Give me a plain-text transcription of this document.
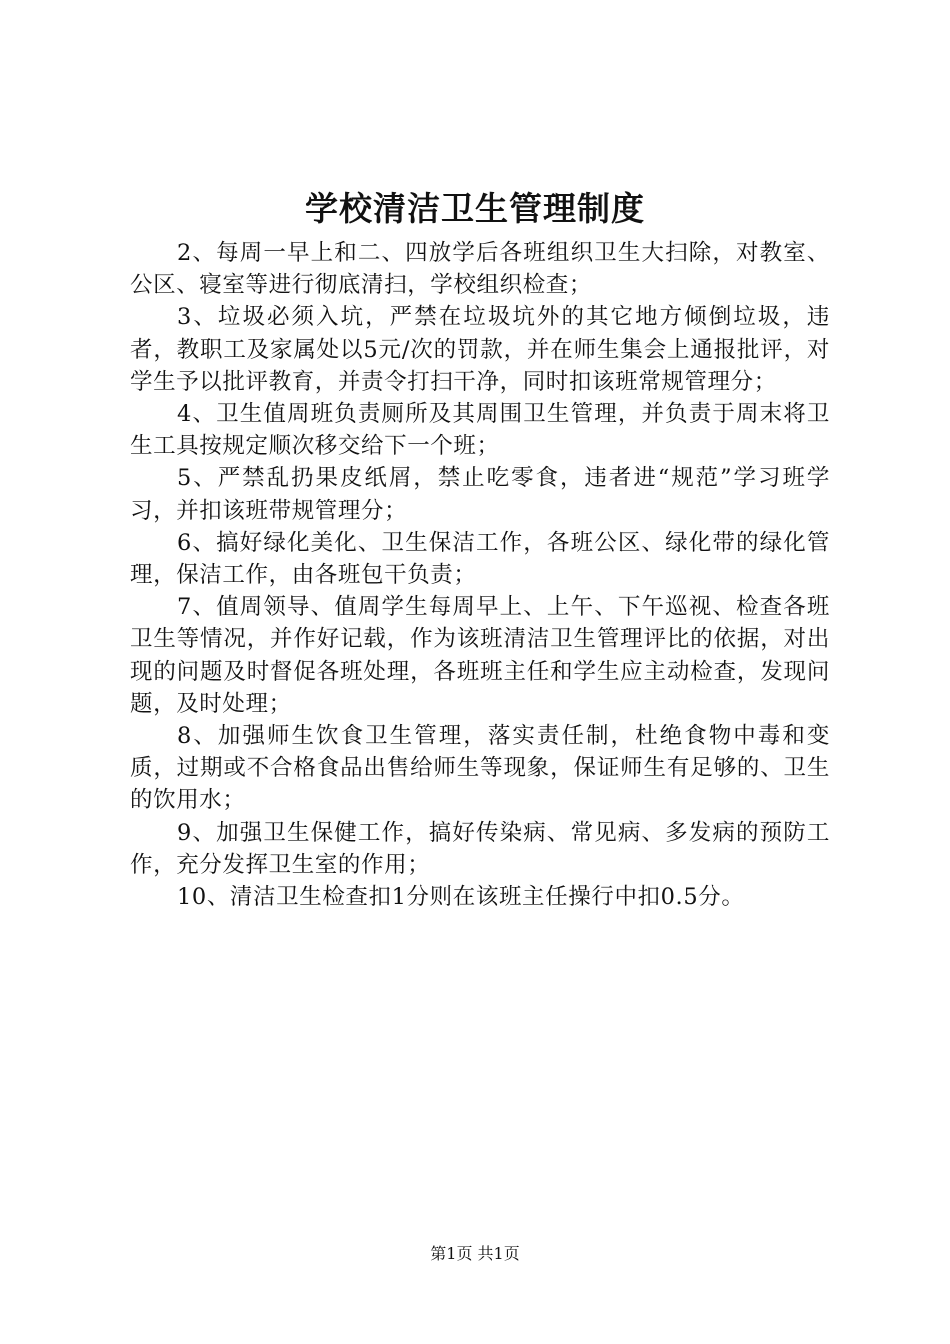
学校清洁卫生管理制度

2、每周一早上和二、四放学后各班组织卫生大扫除，对教室、公区、寝室等进行彻底清扫，学校组织检查；

3、垃圾必须入坑，严禁在垃圾坑外的其它地方倾倒垃圾，违者，教职工及家属处以5元/次的罚款，并在师生集会上通报批评，对学生予以批评教育，并责令打扫干净，同时扣该班常规管理分；

4、卫生值周班负责厕所及其周围卫生管理，并负责于周末将卫生工具按规定顺次移交给下一个班；

5、严禁乱扔果皮纸屑，禁止吃零食，违者进“规范”学习班学习，并扣该班带规管理分；

6、搞好绿化美化、卫生保洁工作，各班公区、绿化带的绿化管理，保洁工作，由各班包干负责；

7、值周领导、值周学生每周早上、上午、下午巡视、检查各班卫生等情况，并作好记载，作为该班清洁卫生管理评比的依据，对出现的问题及时督促各班处理，各班班主任和学生应主动检查，发现问题，及时处理；

8、加强师生饮食卫生管理，落实责任制，杜绝食物中毒和变质，过期或不合格食品出售给师生等现象，保证师生有足够的、卫生的饮用水；

9、加强卫生保健工作，搞好传染病、常见病、多发病的预防工作，充分发挥卫生室的作用；

10、清洁卫生检查扣1分则在该班主任操行中扣0.5分。

第1页 共1页
